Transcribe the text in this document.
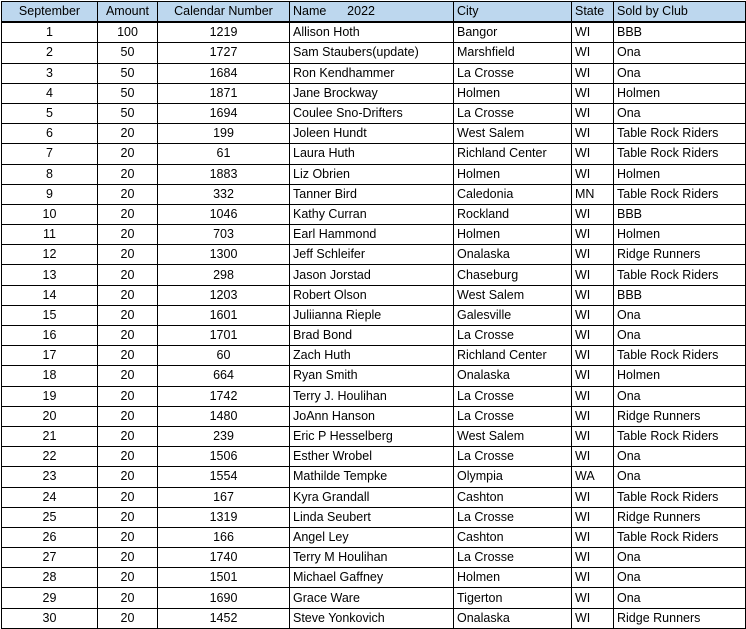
September	Amount	Calendar Number	Name      2022	City	State	Sold by Club
1	100	1219	Allison Hoth	Bangor	WI	BBB
2	50	1727	Sam Staubers(update)	Marshfield	WI	Ona
3	50	1684	Ron Kendhammer	La Crosse	WI	Ona
4	50	1871	Jane Brockway	Holmen	WI	Holmen
5	50	1694	Coulee Sno-Drifters	La Crosse	WI	Ona
6	20	199	Joleen Hundt	West Salem	WI	Table Rock Riders
7	20	61	Laura Huth	Richland Center	WI	Table Rock Riders
8	20	1883	Liz Obrien	Holmen	WI	Holmen
9	20	332	Tanner Bird	Caledonia	MN	Table Rock Riders
10	20	1046	Kathy Curran	Rockland	WI	BBB
11	20	703	Earl Hammond	Holmen	WI	Holmen
12	20	1300	Jeff Schleifer	Onalaska	WI	Ridge Runners
13	20	298	Jason Jorstad	Chaseburg	WI	Table Rock Riders
14	20	1203	Robert Olson	West Salem	WI	BBB
15	20	1601	Juliianna Rieple	Galesville	WI	Ona
16	20	1701	Brad Bond	La Crosse	WI	Ona
17	20	60	Zach Huth	Richland Center	WI	Table Rock Riders
18	20	664	Ryan Smith	Onalaska	WI	Holmen
19	20	1742	Terry J. Houlihan	La Crosse	WI	Ona
20	20	1480	JoAnn Hanson	La Crosse	WI	Ridge Runners
21	20	239	Eric P Hesselberg	West Salem	WI	Table Rock Riders
22	20	1506	Esther Wrobel	La Crosse	WI	Ona
23	20	1554	Mathilde Tempke	Olympia	WA	Ona
24	20	167	Kyra Grandall	Cashton	WI	Table Rock Riders
25	20	1319	Linda Seubert	La Crosse	WI	Ridge Runners
26	20	166	Angel Ley	Cashton	WI	Table Rock Riders
27	20	1740	Terry M Houlihan	La Crosse	WI	Ona
28	20	1501	Michael Gaffney	Holmen	WI	Ona
29	20	1690	Grace Ware	Tigerton	WI	Ona
30	20	1452	Steve Yonkovich	Onalaska	WI	Ridge Runners
